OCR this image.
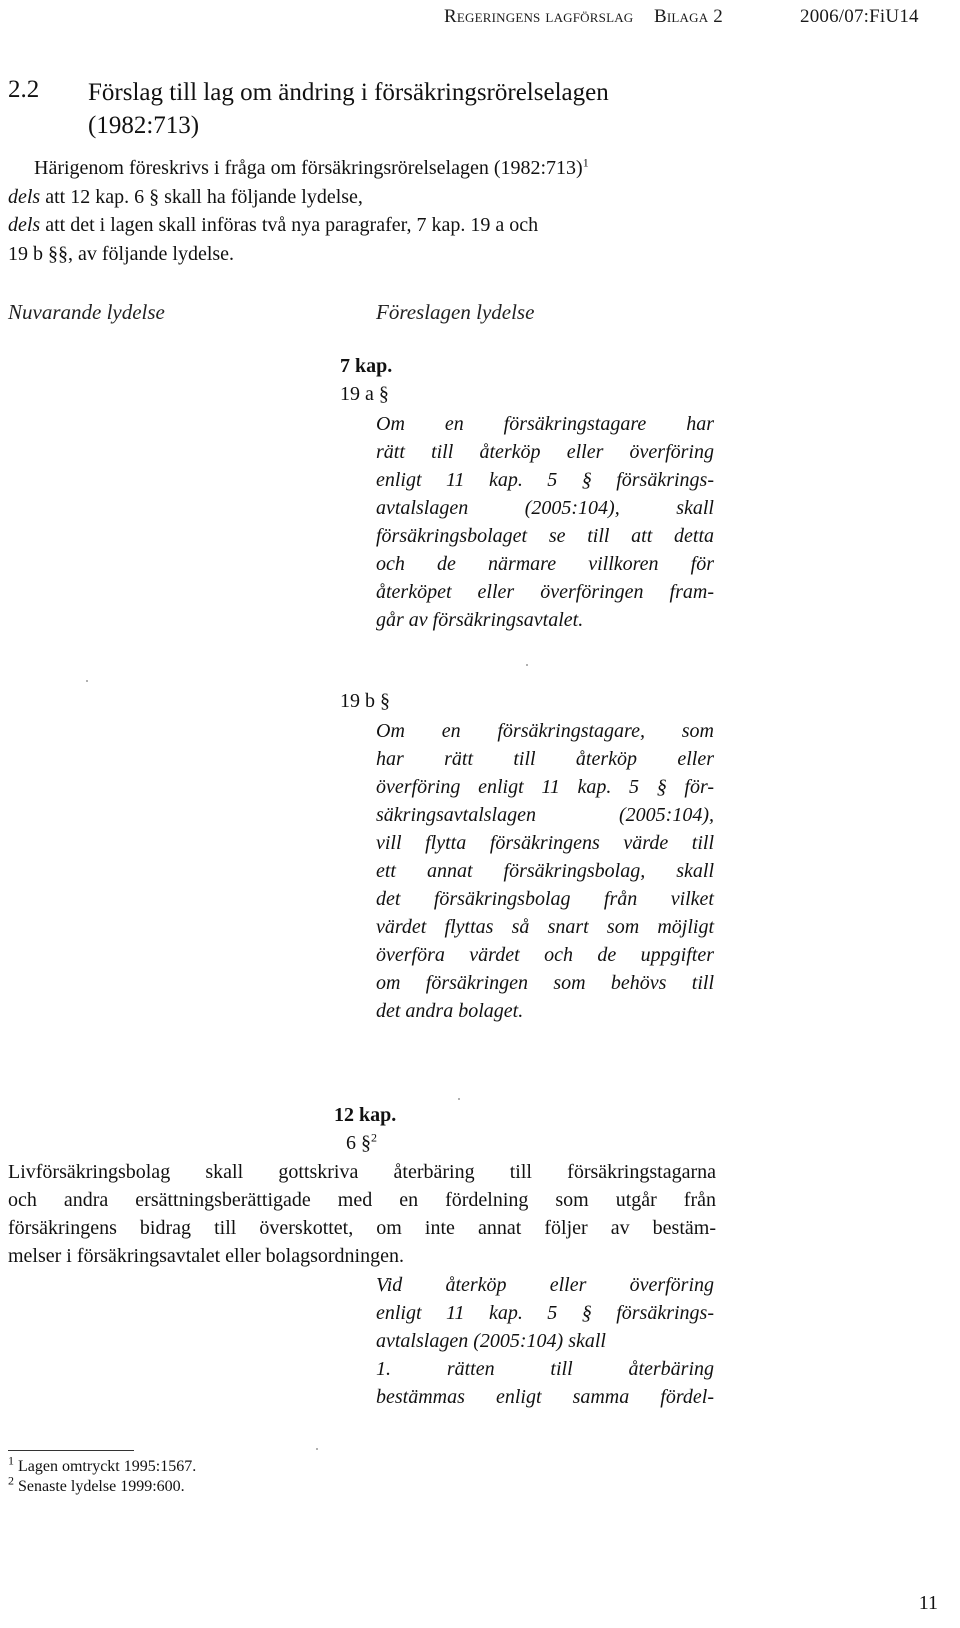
Regeringens lagförslag Bilaga 2	2006/07:FiU14
2.2 Förslag till lag om ändring i försäkringsrörelselagen
(1982:713)
Härigenom föreskrivs i fråga om försäkringsrörelselagen (1982:713)$^1$
dels att 12 kap. 6 § skall ha följande lydelse,
dels att det i lagen skall införas två nya paragrafer, 7 kap. 19 a och
19 b §§, av följande lydelse.
Nuvarande lydelse	Föreslagen lydelse
7 kap.
19 a §
Om en försäkringstagare har
rätt till återköp eller överföring
enligt 11 kap. 5 § försäkrings-
avtalslagen (2005:104), skall
försäkringsbolaget se till att detta
och de närmare villkoren för
återköpet eller överföringen fram-
går av försäkringsavtalet.
19 b §
Om en försäkringstagare, som
har rätt till återköp eller
överföring enligt 11 kap. 5 § för-
säkringsavtalslagen (2005:104),
vill flytta försäkringens värde till
ett annat försäkringsbolag, skall
det försäkringsbolag från vilket
värdet flyttas så snart som möjligt
överföra värdet och de uppgifter
om försäkringen som behövs till
det andra bolaget.
12 kap.
6 §$^2$
Livförsäkringsbolag skall gottskriva återbäring till försäkringstagarna
och andra ersättningsberättigade med en fördelning som utgår från
försäkringens bidrag till överskottet, om inte annat följer av bestäm-
melser i försäkringsavtalet eller bolagsordningen.
Vid återköp eller överföring
enligt 11 kap. 5 § försäkrings-
avtalslagen (2005:104) skall
1. rätten till återbäring
bestämmas enligt samma fördel-
$^1$ Lagen omtryckt 1995:1567.
$^2$ Senaste lydelse 1999:600.
11
